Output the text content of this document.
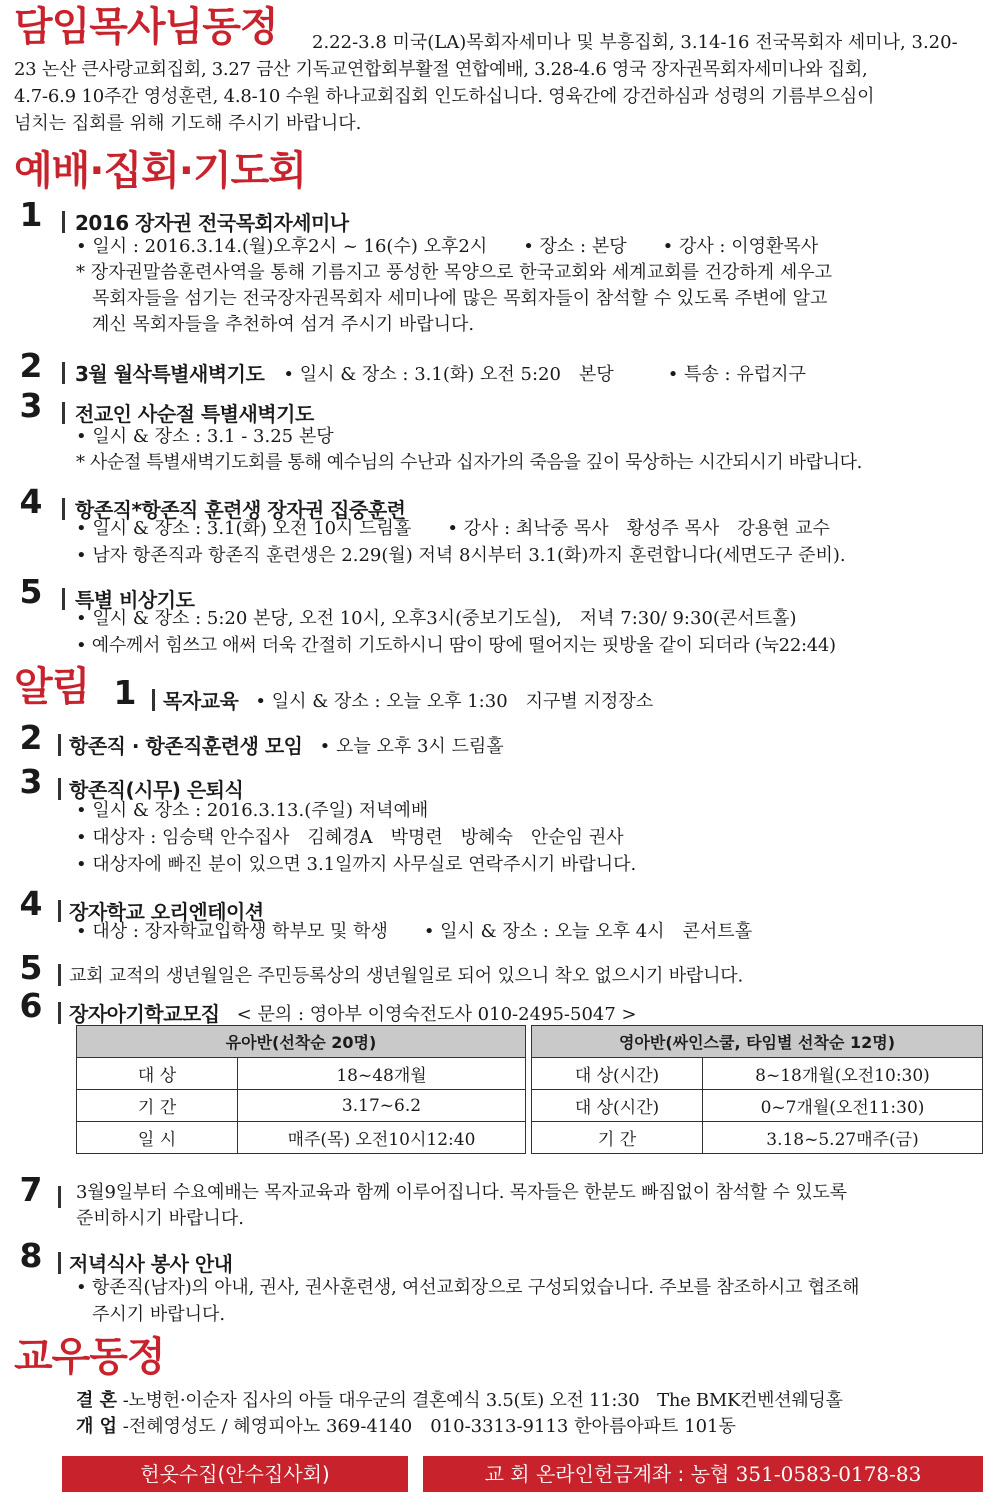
담임목사님동정 2.22-3.8 미국(LA)목회자세미나 및 부흥집회, 3.14-16 전국목회자 세미나, 3.20-
23 논산 큰사랑교회집회, 3.27 금산 기독교연합회부활절 연합예배, 3.28-4.6 영국 장자권목회자세미나와 집회,
4.7-6.9 10주간 영성훈련, 4.8-10 수원 하나교회집회 인도하십니다. 영육간에 강건하심과 성령의 기름부으심이
넘치는 집회를 위해 기도해 주시기 바랍니다.
예배·집회·기도회
1 2016 장자권 전국목회자세미나
• 일시 : 2016.3.14.(월)오후2시 ~ 16(수) 오후2시　　• 장소 : 본당　　• 강사 : 이영환목사
* 장자권말씀훈련사역을 통해 기름지고 풍성한 목양으로 한국교회와 세계교회를 건강하게 세우고
목회자들을 섬기는 전국장자권목회자 세미나에 많은 목회자들이 참석할 수 있도록 주변에 알고
계신 목회자들을 추천하여 섬겨 주시기 바랍니다.
2 3월 월삭특별새벽기도 • 일시 & 장소 : 3.1(화) 오전 5:20　본당　　　• 특송 : 유럽지구
3 전교인 사순절 특별새벽기도
• 일시 & 장소 : 3.1 - 3.25 본당
* 사순절 특별새벽기도회를 통해 예수님의 수난과 십자가의 죽음을 깊이 묵상하는 시간되시기 바랍니다.
4 항존직*항존직 훈련생 장자권 집중훈련
• 일시 & 장소 : 3.1(화) 오전 10시 드림홀　　• 강사 : 최낙중 목사　황성주 목사　강용현 교수
• 남자 항존직과 항존직 훈련생은 2.29(월) 저녁 8시부터 3.1(화)까지 훈련합니다(세면도구 준비).
5 특별 비상기도
• 일시 & 장소 : 5:20 본당, 오전 10시, 오후3시(중보기도실),　저녁 7:30/ 9:30(콘서트홀)
• 예수께서 힘쓰고 애써 더욱 간절히 기도하시니 땀이 땅에 떨어지는 핏방울 같이 되더라 (눅22:44)
알림 1 목자교육 • 일시 & 장소 : 오늘 오후 1:30　지구별 지정장소
2 항존직 · 항존직훈련생 모임 • 오늘 오후 3시 드림홀
3 항존직(시무) 은퇴식
• 일시 & 장소 : 2016.3.13.(주일) 저녁예배
• 대상자 : 임승택 안수집사　김혜경A　박명련　방혜숙　안순임 권사
• 대상자에 빠진 분이 있으면 3.1일까지 사무실로 연락주시기 바랍니다.
4 장자학교 오리엔테이션
• 대상 : 장자학교입학생 학부모 및 학생　　• 일시 & 장소 : 오늘 오후 4시　콘서트홀
5 교회 교적의 생년월일은 주민등록상의 생년월일로 되어 있으니 착오 없으시기 바랍니다.
6 장자아기학교모집 < 문의 : 영아부 이영숙전도사 010-2495-5047 >
유아반(선착순 20명)	
대 상	18~48개월
기 간	3.17~6.2
일 시	매주(목) 오전10시12:40
영아반(싸인스쿨, 타임별 선착순 12명)	
대 상(시간)	8~18개월(오전10:30)
대 상(시간)	0~7개월(오전11:30)
기 간	3.18~5.27매주(금)
7	3월9일부터 수요예배는 목자교육과 함께 이루어집니다. 목자들은 한분도 빠짐없이 참석할 수 있도록
준비하시기 바랍니다.
8 저녁식사 봉사 안내
• 항존직(남자)의 아내, 권사, 권사훈련생, 여선교회장으로 구성되었습니다. 주보를 참조하시고 협조해
주시기 바랍니다.
교우동정
결 혼 -노병헌·이순자 집사의 아들 대우군의 결혼예식 3.5(토) 오전 11:30　The BMK컨벤션웨딩홀
개 업 -전혜영성도 / 혜영피아노 369-4140　010-3313-9113 한아름아파트 101동
헌옷수집(안수집사회)	교 회 온라인헌금계좌 : 농협 351-0583-0178-83
